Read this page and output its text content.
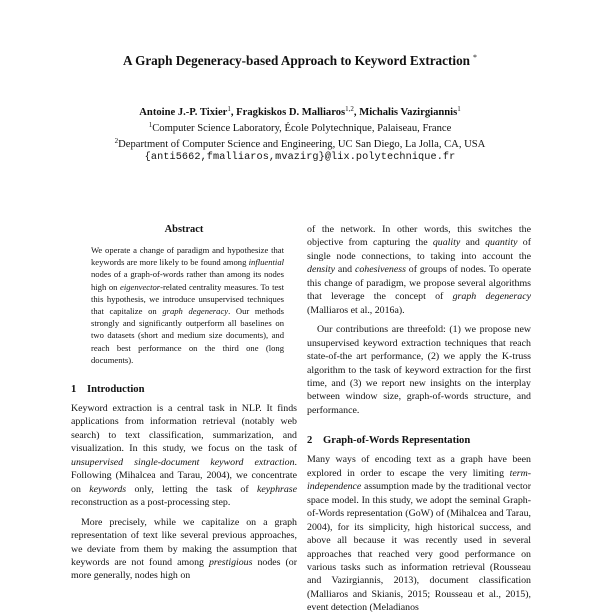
A Graph Degeneracy-based Approach to Keyword Extraction *
Antoine J.-P. Tixier$^1$, Fragkiskos D. Malliaros$^{1,2}$, Michalis Vazirgiannis$^1$
$^1$Computer Science Laboratory, École Polytechnique, Palaiseau, France
$^2$Department of Computer Science and Engineering, UC San Diego, La Jolla, CA, USA
{anti5662,fmalliaros,mvazirg}@lix.polytechnique.fr
Abstract

We operate a change of paradigm and hypothesize that keywords are more likely to be found among influential nodes of a graph-of-words rather than among its nodes high on eigenvector-related centrality measures. To test this hypothesis, we introduce unsupervised techniques that capitalize on graph degeneracy. Our methods strongly and significantly outperform all baselines on two datasets (short and medium size documents), and reach best performance on the third one (long documents).

1 Introduction

Keyword extraction is a central task in NLP. It finds applications from information retrieval (notably web search) to text classification, summarization, and visualization. In this study, we focus on the task of unsupervised single-document keyword extraction. Following (Mihalcea and Tarau, 2004), we concentrate on keywords only, letting the task of keyphrase reconstruction as a post-processing step.

More precisely, while we capitalize on a graph representation of text like several previous approaches, we deviate from them by making the assumption that keywords are not found among prestigious nodes (or more generally, nodes high on

of the network. In other words, this switches the objective from capturing the quality and quantity of single node connections, to taking into account the density and cohesiveness of groups of nodes. To operate this change of paradigm, we propose several algorithms that leverage the concept of graph degeneracy (Malliaros et al., 2016a).

Our contributions are threefold: (1) we propose new unsupervised keyword extraction techniques that reach state-of-the art performance, (2) we apply the K-truss algorithm to the task of keyword extraction for the first time, and (3) we report new insights on the interplay between window size, graph-of-words structure, and performance.

2 Graph-of-Words Representation

Many ways of encoding text as a graph have been explored in order to escape the very limiting term-independence assumption made by the traditional vector space model. In this study, we adopt the seminal Graph-of-Words representation (GoW) of (Mihalcea and Tarau, 2004), for its simplicity, high historical success, and above all because it was recently used in several approaches that reached very good performance on various tasks such as information retrieval (Rousseau and Vazirgiannis, 2013), document classification (Malliaros and Skianis, 2015; Rousseau et al., 2015), event detection (Meladianos
